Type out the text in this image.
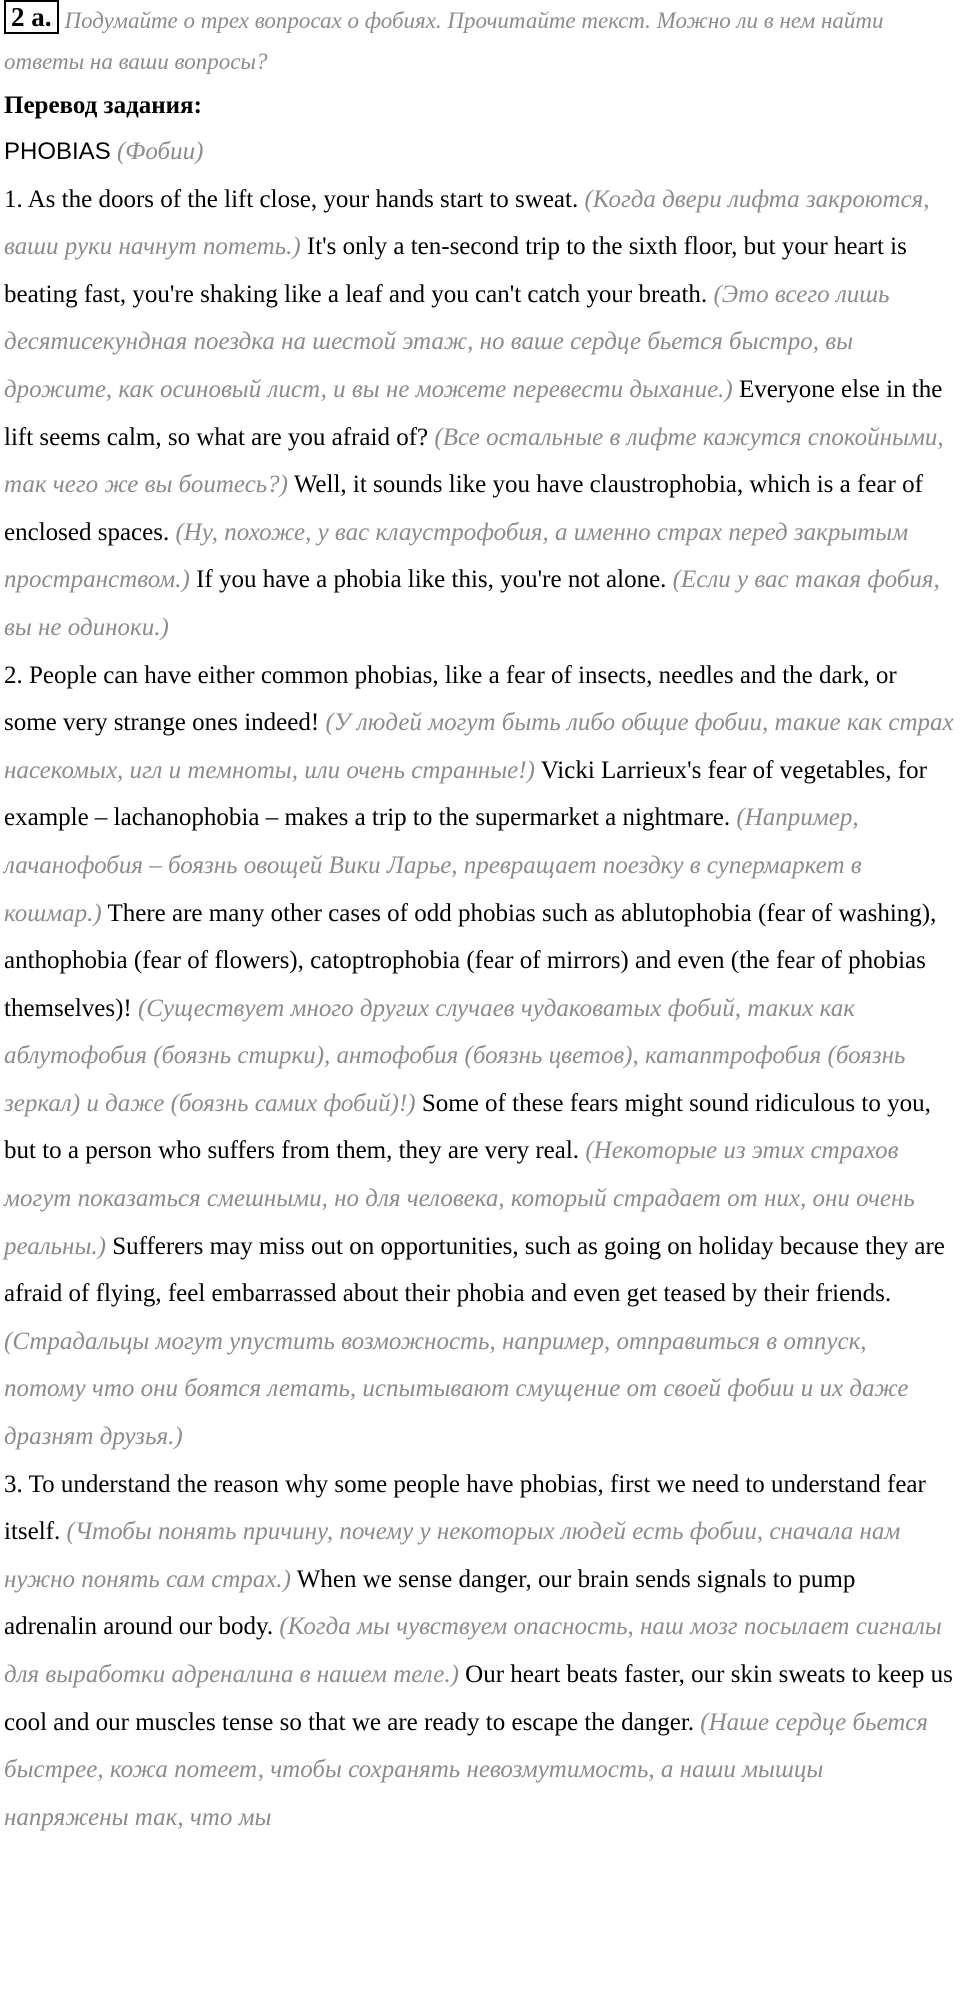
2 a. Подумайте о трех вопросах о фобиях. Прочитайте текст. Можно ли в нем найти ответы на ваши вопросы?
Перевод задания:

PHOBIAS (Фобии)

1. As the doors of the lift close, your hands start to sweat. (Когда двери лифта закроются, ваши руки начнут потеть.) It's only a ten-second trip to the sixth floor, but your heart is beating fast, you're shaking like a leaf and you can't catch your breath. (Это всего лишь десятисекундная поездка на шестой этаж, но ваше сердце бьется быстро, вы дрожите, как осиновый лист, и вы не можете перевести дыхание.) Everyone else in the lift seems calm, so what are you afraid of? (Все остальные в лифте кажутся спокойными, так чего же вы боитесь?) Well, it sounds like you have claustrophobia, which is a fear of enclosed spaces. (Ну, похоже, у вас клаустрофобия, а именно страх перед закрытым пространством.) If you have a phobia like this, you're not alone. (Если у вас такая фобия, вы не одиноки.)

2. People can have either common phobias, like a fear of insects, needles and the dark, or some very strange ones indeed! (У людей могут быть либо общие фобии, такие как страх насекомых, игл и темноты, или очень странные!) Vicki Larrieux's fear of vegetables, for example – lachanophobia – makes a trip to the supermarket a nightmare. (Например, лачанофобия – боязнь овощей Вики Ларье, превращает поездку в супермаркет в кошмар.) There are many other cases of odd phobias such as ablutophobia (fear of washing), anthophobia (fear of flowers), catoptrophobia (fear of mirrors) and even (the fear of phobias themselves)! (Существует много других случаев чудаковатых фобий, таких как аблутофобия (боязнь стирки), антофобия (боязнь цветов), катаптрофобия (боязнь зеркал) и даже (боязнь самих фобий)!) Some of these fears might sound ridiculous to you, but to a person who suffers from them, they are very real. (Некоторые из этих страхов могут показаться смешными, но для человека, который страдает от них, они очень реальны.) Sufferers may miss out on opportunities, such as going on holiday because they are afraid of flying, feel embarrassed about their phobia and even get teased by their friends. (Страдальцы могут упустить возможность, например, отправиться в отпуск, потому что они боятся летать, испытывают смущение от своей фобии и их даже дразнят друзья.)

3. To understand the reason why some people have phobias, first we need to understand fear itself. (Чтобы понять причину, почему у некоторых людей есть фобии, сначала нам нужно понять сам страх.) When we sense danger, our brain sends signals to pump adrenalin around our body. (Когда мы чувствуем опасность, наш мозг посылает сигналы для выработки адреналина в нашем теле.) Our heart beats faster, our skin sweats to keep us cool and our muscles tense so that we are ready to escape the danger. (Наше сердце бьется быстрее, кожа потеет, чтобы сохранять невозмутимость, а наши мышцы напряжены так, что мы
